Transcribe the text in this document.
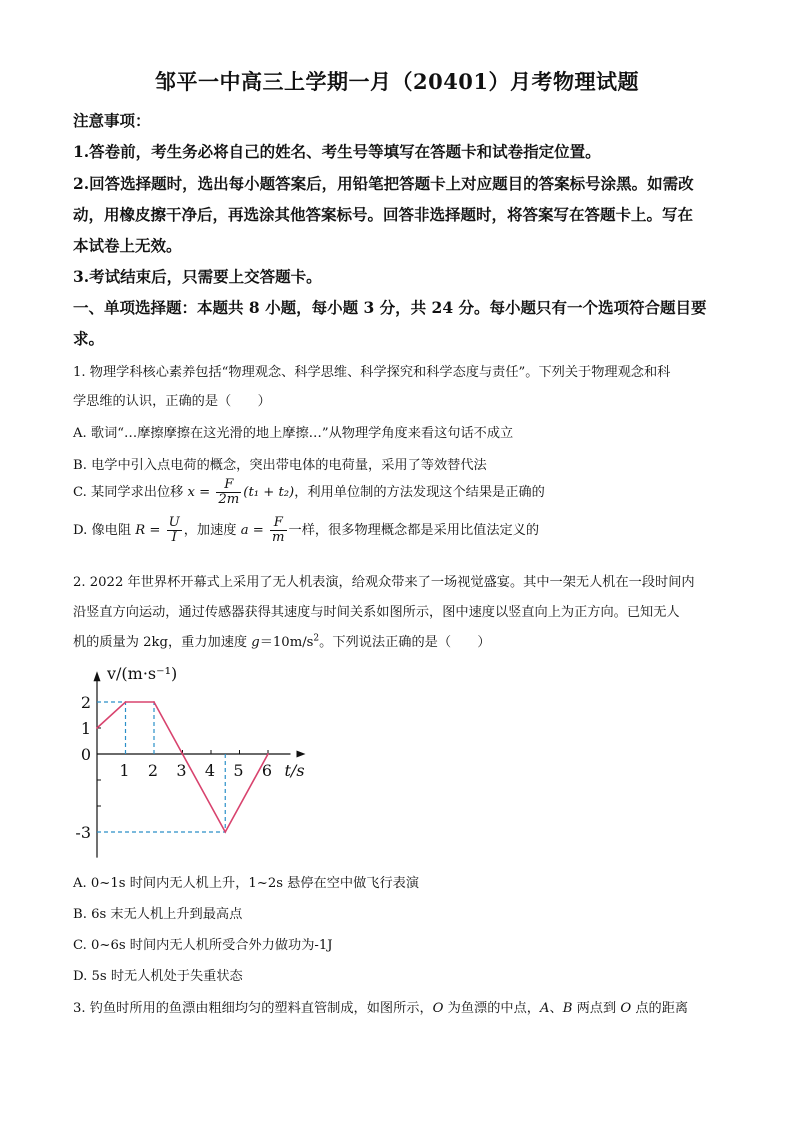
邹平一中高三上学期一月（20401）月考物理试题
注意事项：
1.答卷前，考生务必将自己的姓名、考生号等填写在答题卡和试卷指定位置。
2.回答选择题时，选出每小题答案后，用铅笔把答题卡上对应题目的答案标号涂黑。如需改
动，用橡皮擦干净后，再选涂其他答案标号。回答非选择题时，将答案写在答题卡上。写在
本试卷上无效。
3.考试结束后，只需要上交答题卡。
一、单项选择题：本题共 8 小题，每小题 3 分，共 24 分。每小题只有一个选项符合题目要
求。
1. 物理学科核心素养包括“物理观念、科学思维、科学探究和科学态度与责任”。下列关于物理观念和科
学思维的认识，正确的是（　　）
A. 歌词“…摩擦摩擦在这光滑的地上摩擦…”从物理学角度来看这句话不成立
B. 电学中引入点电荷的概念，突出带电体的电荷量，采用了等效替代法
C. 某同学求出位移 $x = \frac{F}{2m} (t_1 + t_2)$，利用单位制的方法发现这个结果是正确的
D. 像电阻 $R = \frac{U}{I}$ ，加速度 $a = \frac{F}{m}$ 一样，很多物理概念都是采用比值法定义的
2. 2022 年世界杯开幕式上采用了无人机表演，给观众带来了一场视觉盛宴。其中一架无人机在一段时间内
沿竖直方向运动，通过传感器获得其速度与时间关系如图所示，图中速度以竖直向上为正方向。已知无人
机的质量为 2kg，重力加速度 $g=10m/s^2$。下列说法正确的是（　　）
2
1
0
-3
1 2 3 4 5 6 t/s
v/(m·s⁻¹)
A. 0~1s 时间内无人机上升，1~2s 悬停在空中做飞行表演
B. 6s 末无人机上升到最高点
C. 0~6s 时间内无人机所受合外力做功为-1J
D. 5s 时无人机处于失重状态
3. 钓鱼时所用的鱼漂由粗细均匀的塑料直管制成，如图所示，O 为鱼漂的中点，A、B 两点到 O 点的距离
